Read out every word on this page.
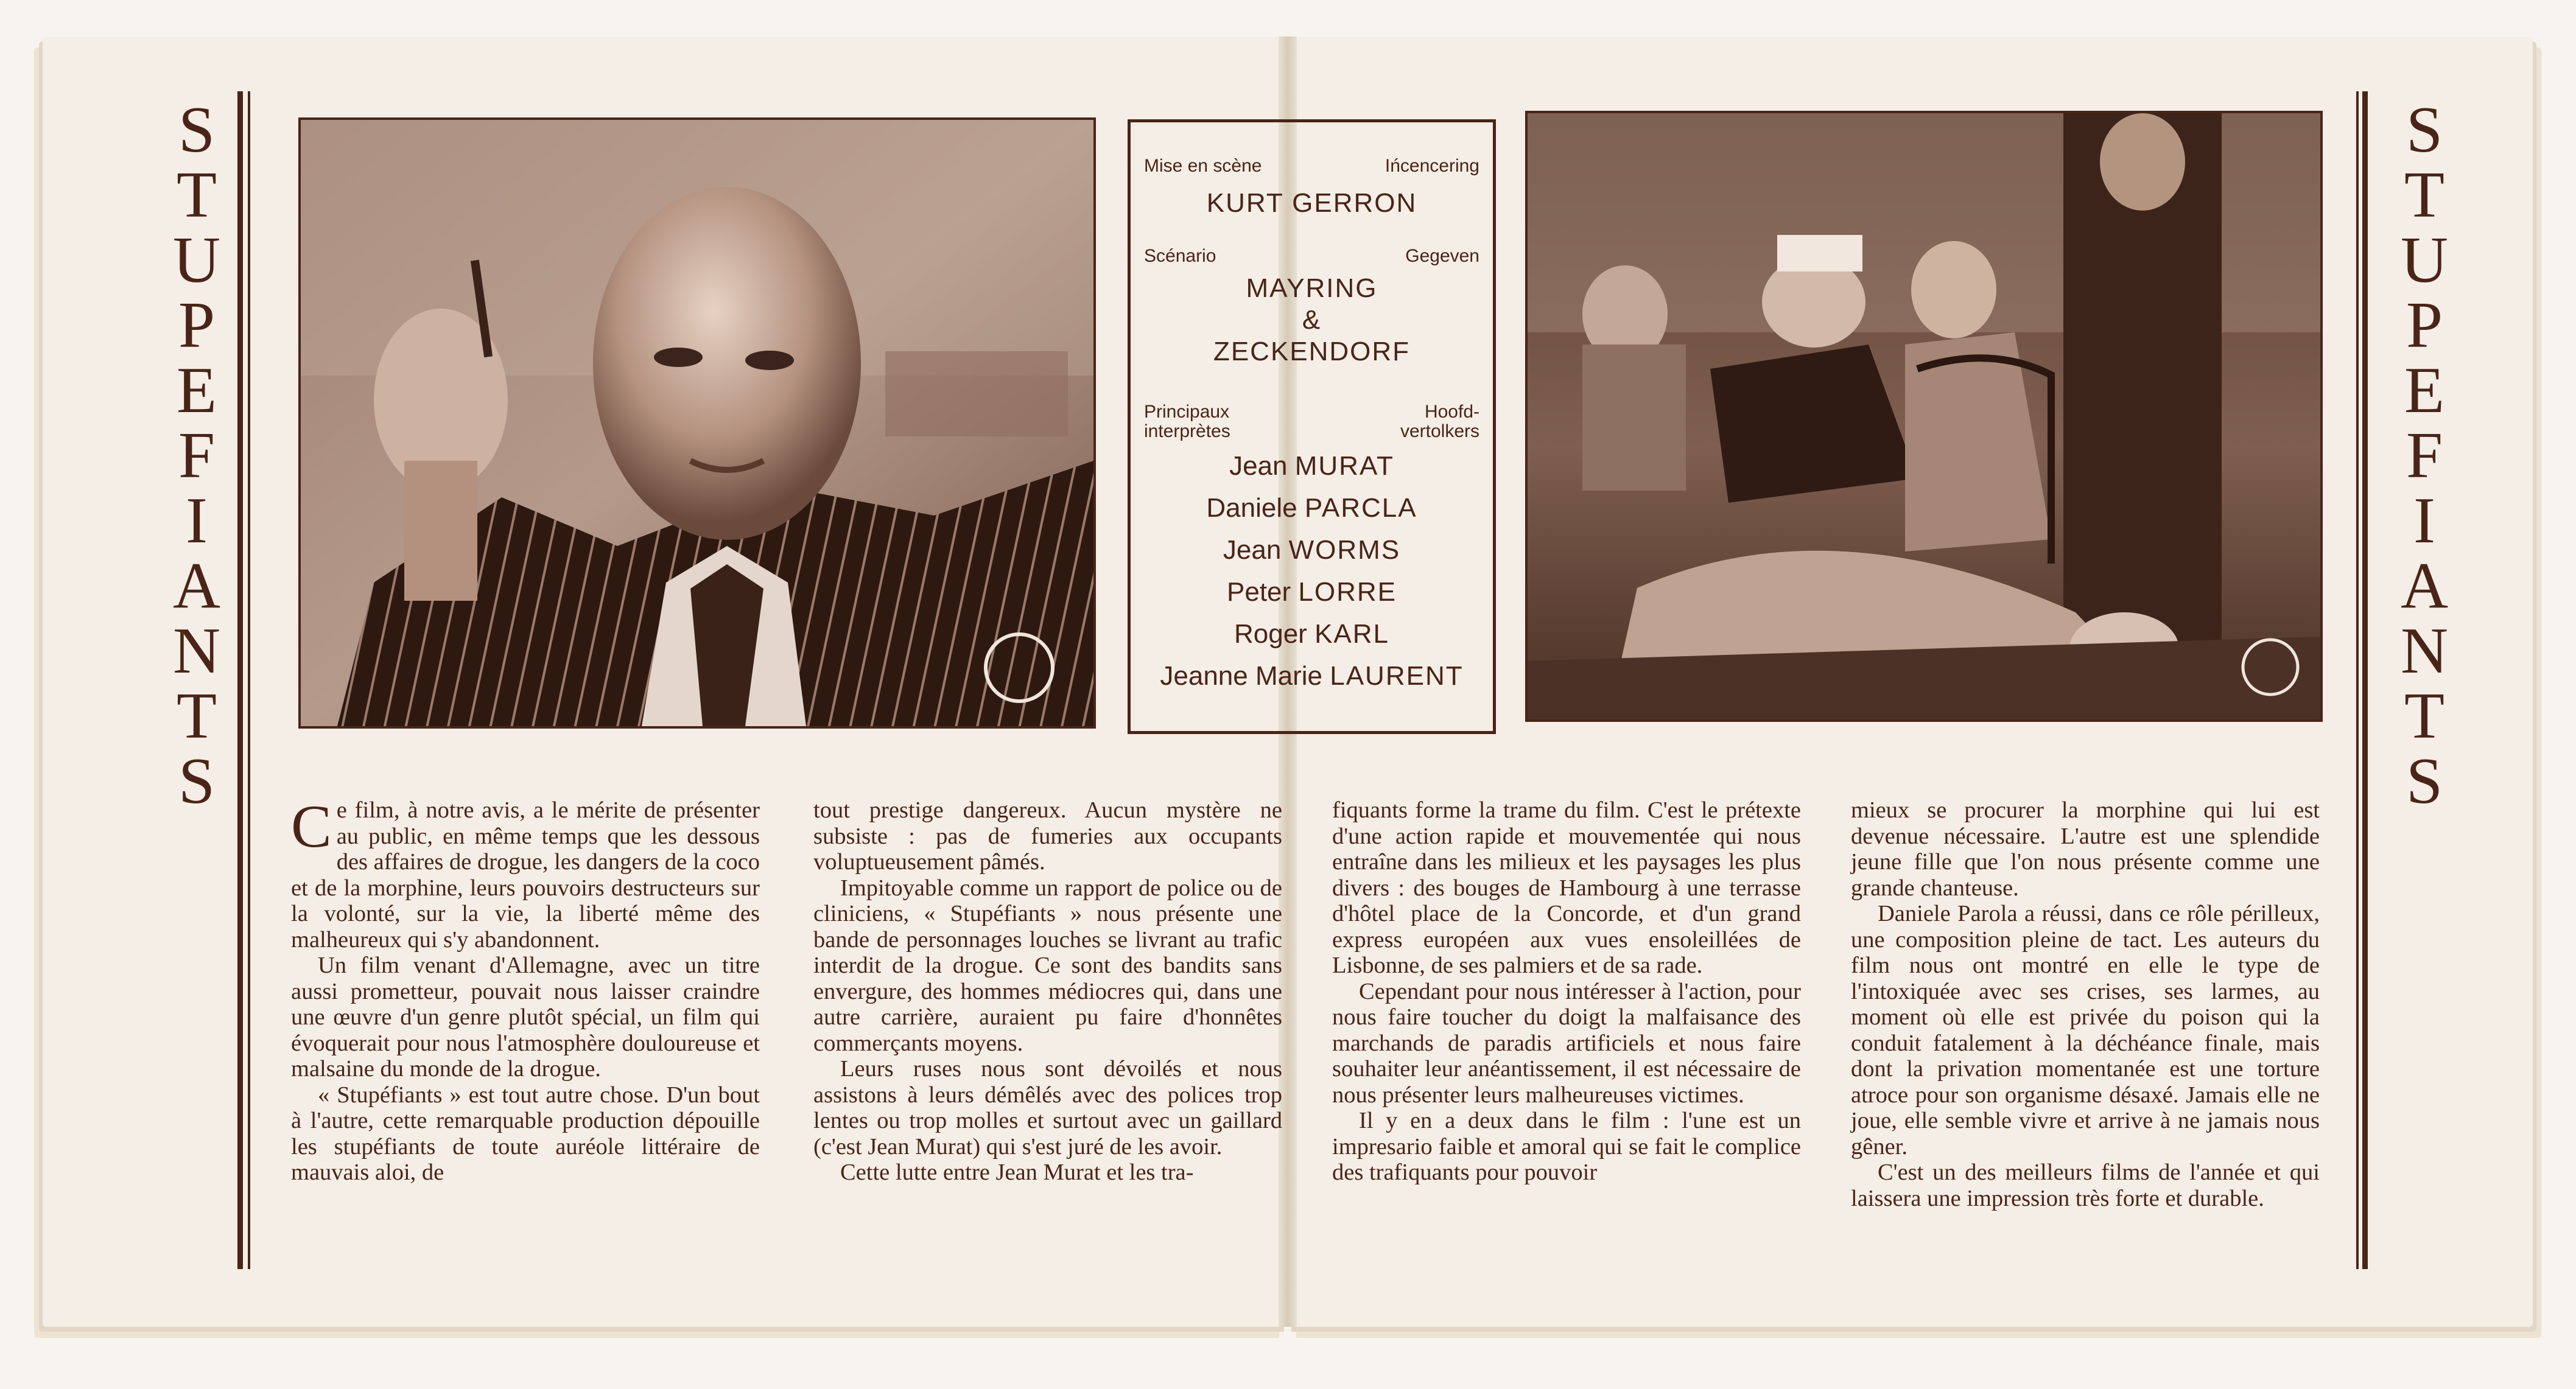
S
T
U
P
E
F
I
A
N
T
S
S
T
U
P
E
F
I
A
N
T
S
Mise en scène	Ińcencering
KURT GERRON
Scénario	Gegeven
MAYRING
&
ZECKENDORF
Principaux
interprètes
Hoofd-
vertolkers
Jean MURAT
Daniele PARCLA
Jean WORMS
Peter LORRE
Roger KARL
Jeanne Marie LAURENT

Ce film, à notre avis, a le mérite de présenter au public, en même temps que les dessous des affaires de drogue, les dangers de la coco et de la morphine, leurs pouvoirs destructeurs sur la volonté, sur la vie, la liberté même des malheureux qui s'y abandonnent.

Un film venant d'Allemagne, avec un titre aussi prometteur, pouvait nous laisser craindre une œuvre d'un genre plutôt spécial, un film qui évoquerait pour nous l'atmosphère douloureuse et malsaine du monde de la drogue.

« Stupéfiants » est tout autre chose. D'un bout à l'autre, cette remarquable production dépouille les stupéfiants de toute auréole littéraire de mauvais aloi, de

tout prestige dangereux. Aucun mystère ne subsiste : pas de fumeries aux occupants voluptueusement pâmés.

Impitoyable comme un rapport de police ou de cliniciens, « Stupéfiants » nous présente une bande de personnages louches se livrant au trafic interdit de la drogue. Ce sont des bandits sans envergure, des hommes médiocres qui, dans une autre carrière, auraient pu faire d'honnêtes commerçants moyens.

Leurs ruses nous sont dévoilés et nous assistons à leurs démêlés avec des polices trop lentes ou trop molles et surtout avec un gaillard (c'est Jean Murat) qui s'est juré de les avoir.

Cette lutte entre Jean Murat et les tra-

fiquants forme la trame du film. C'est le prétexte d'une action rapide et mouvementée qui nous entraîne dans les milieux et les paysages les plus divers : des bouges de Hambourg à une terrasse d'hôtel place de la Concorde, et d'un grand express européen aux vues ensoleillées de Lisbonne, de ses palmiers et de sa rade.

Cependant pour nous intéresser à l'action, pour nous faire toucher du doigt la malfaisance des marchands de paradis artificiels et nous faire souhaiter leur anéantissement, il est nécessaire de nous présenter leurs malheureuses victimes.

Il y en a deux dans le film : l'une est un impresario faible et amoral qui se fait le complice des trafiquants pour pouvoir

mieux se procurer la morphine qui lui est devenue nécessaire. L'autre est une splendide jeune fille que l'on nous présente comme une grande chanteuse.

Daniele Parola a réussi, dans ce rôle périlleux, une composition pleine de tact. Les auteurs du film nous ont montré en elle le type de l'intoxiquée avec ses crises, ses larmes, au moment où elle est privée du poison qui la conduit fatalement à la déchéance finale, mais dont la privation momentanée est une torture atroce pour son organisme désaxé. Jamais elle ne joue, elle semble vivre et arrive à ne jamais nous gêner.

C'est un des meilleurs films de l'année et qui laissera une impression très forte et durable.
